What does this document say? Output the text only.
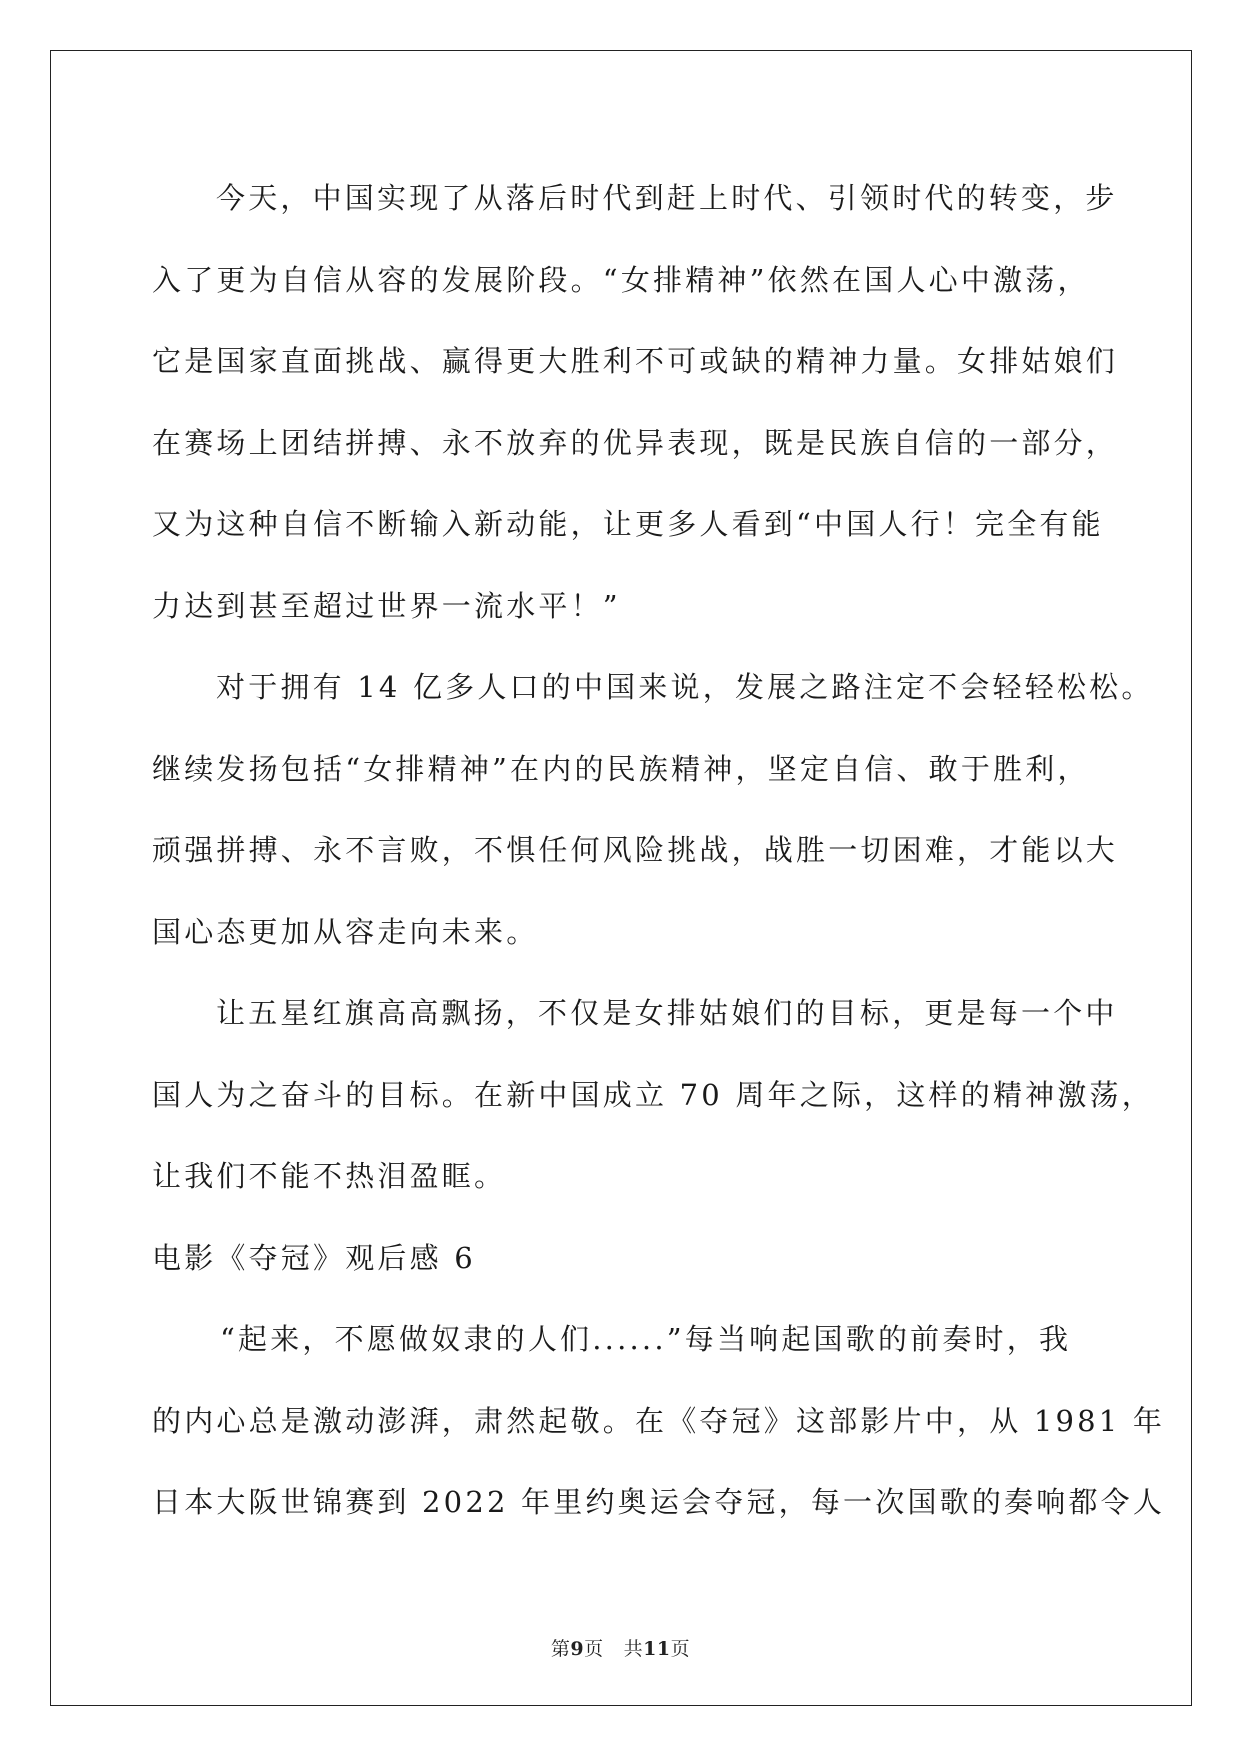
今天，中国实现了从落后时代到赶上时代、引领时代的转变，步
入了更为自信从容的发展阶段。“女排精神”依然在国人心中激荡，
它是国家直面挑战、赢得更大胜利不可或缺的精神力量。女排姑娘们
在赛场上团结拼搏、永不放弃的优异表现，既是民族自信的一部分，
又为这种自信不断输入新动能，让更多人看到“中国人行！完全有能
力达到甚至超过世界一流水平！”
对于拥有 14 亿多人口的中国来说，发展之路注定不会轻轻松松。
继续发扬包括“女排精神”在内的民族精神，坚定自信、敢于胜利，
顽强拼搏、永不言败，不惧任何风险挑战，战胜一切困难，才能以大
国心态更加从容走向未来。
让五星红旗高高飘扬，不仅是女排姑娘们的目标，更是每一个中
国人为之奋斗的目标。在新中国成立 70 周年之际，这样的精神激荡，
让我们不能不热泪盈眶。
电影《夺冠》观后感 6
“起来，不愿做奴隶的人们......”每当响起国歌的前奏时，我
的内心总是激动澎湃，肃然起敬。在《夺冠》这部影片中，从 1981 年
日本大阪世锦赛到 2022 年里约奥运会夺冠，每一次国歌的奏响都令人
第9页 共11页
